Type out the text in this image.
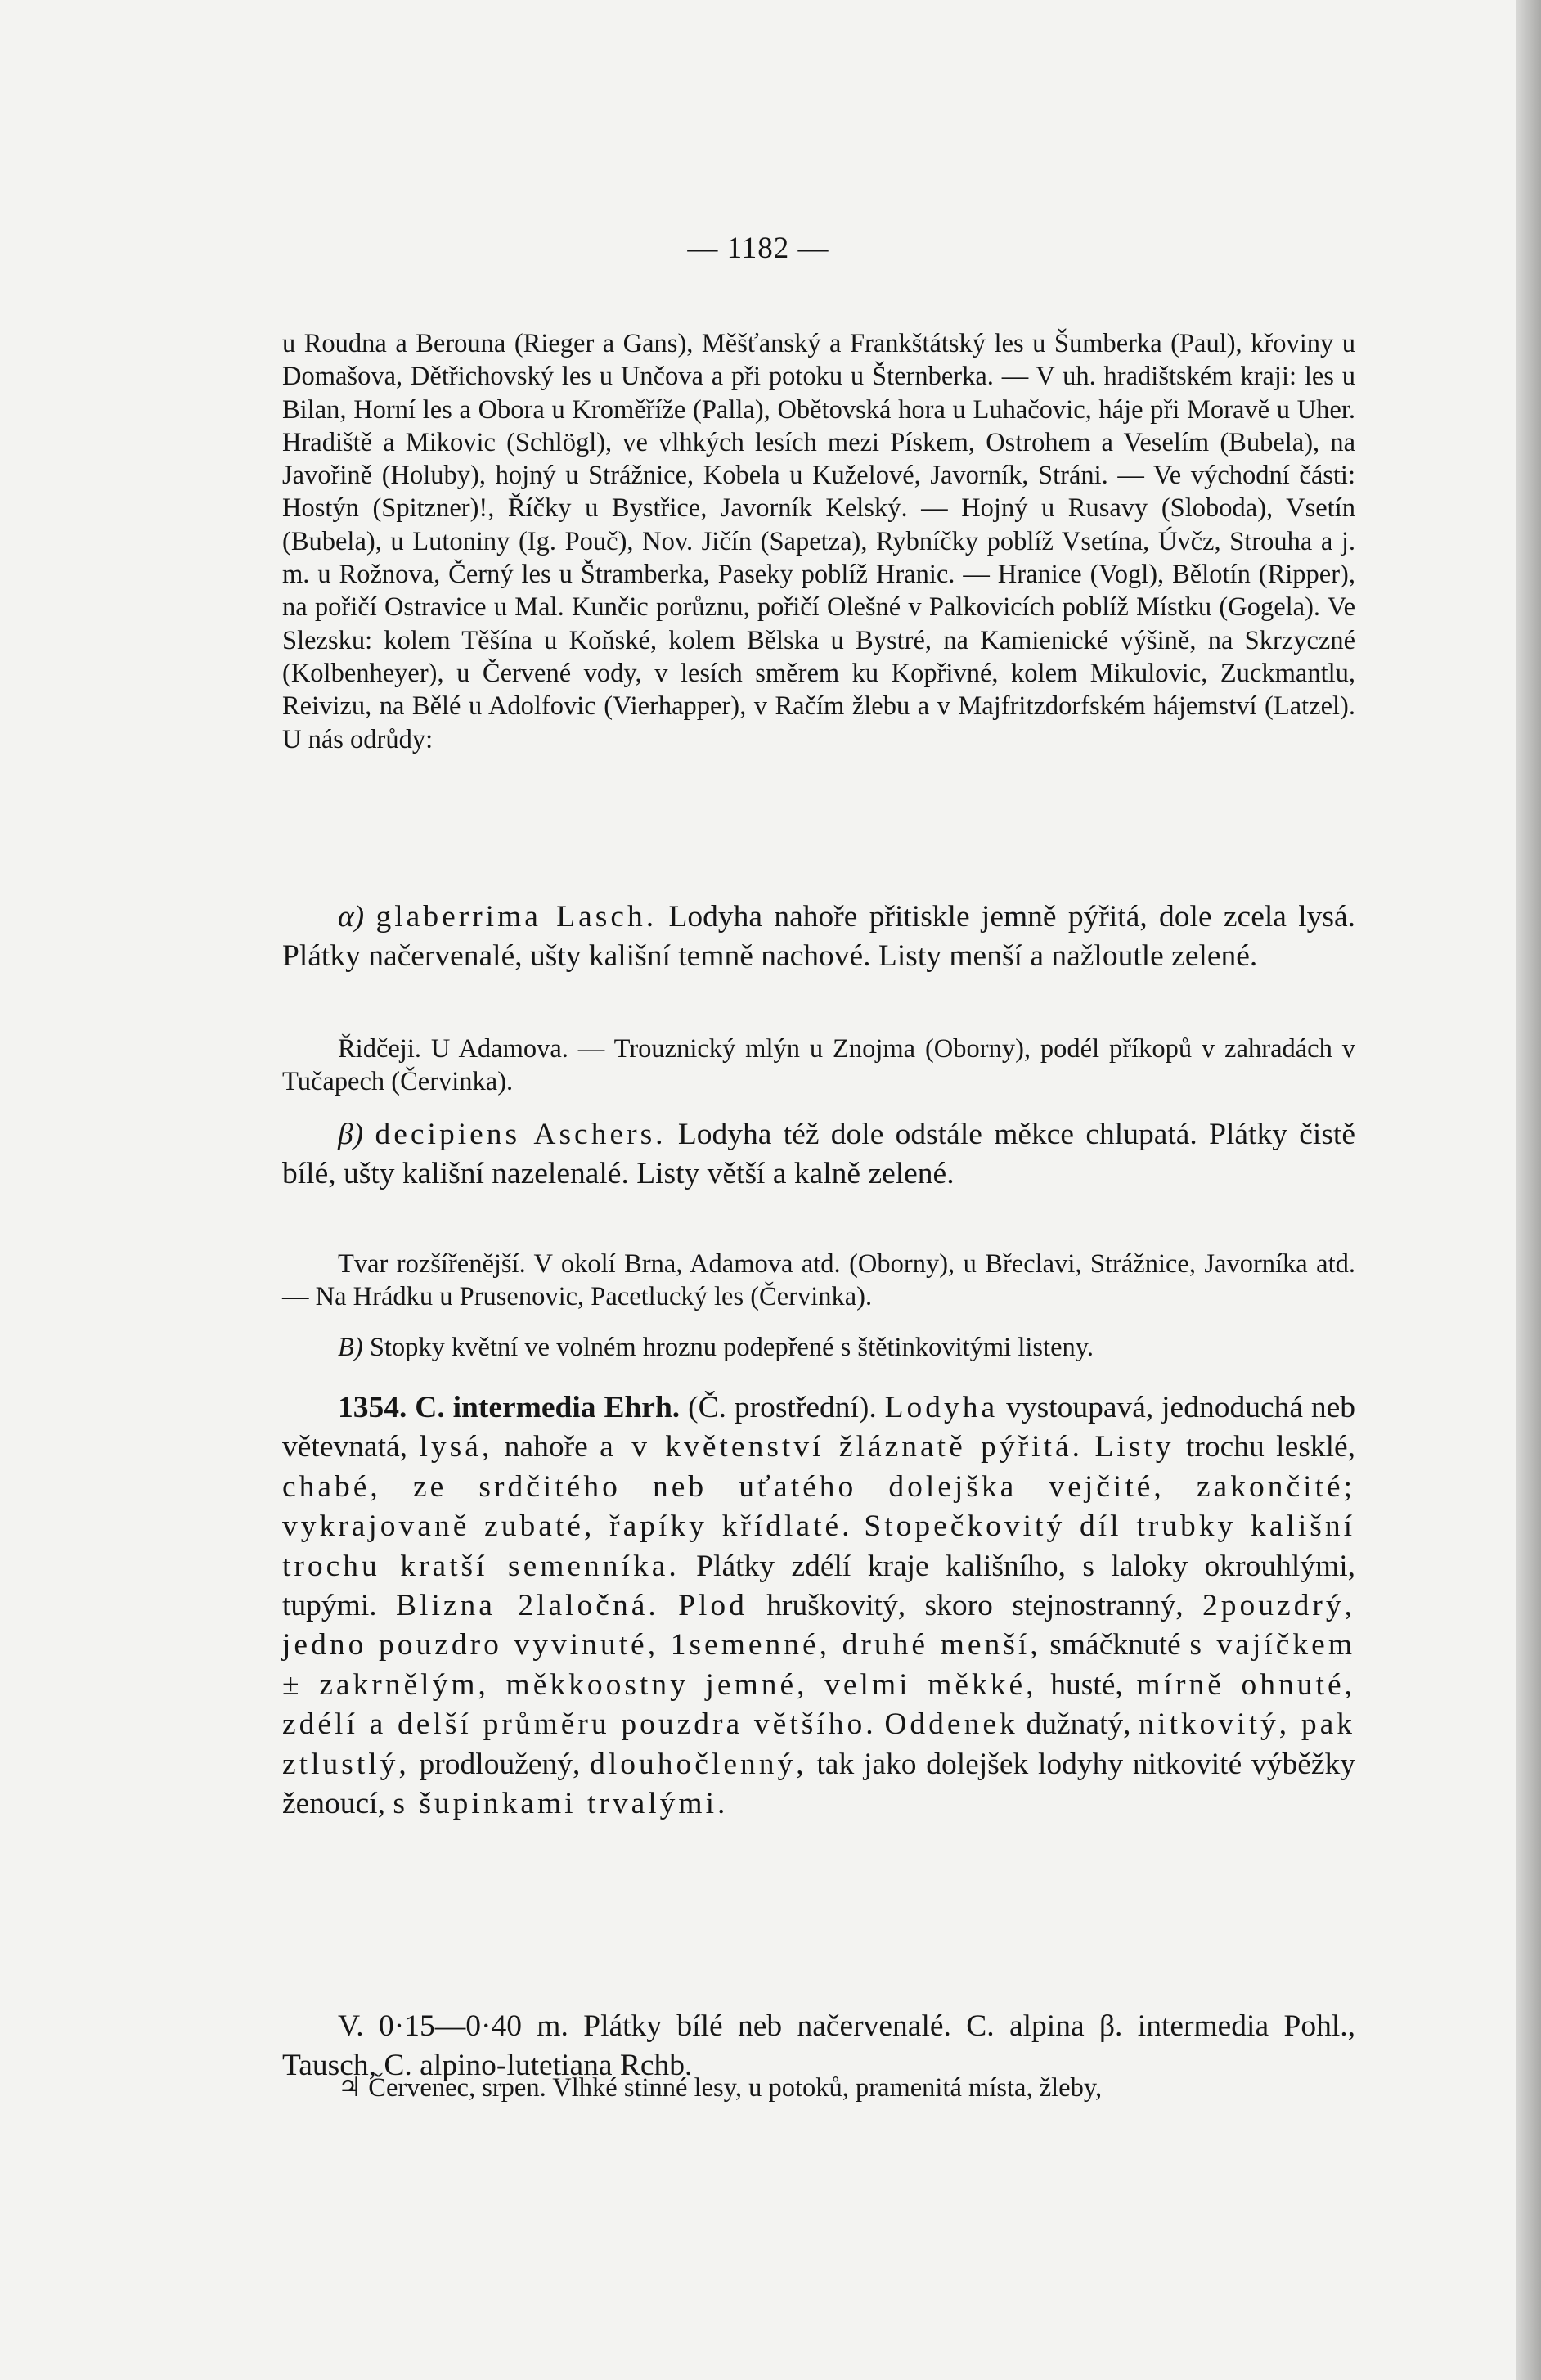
— 1182 —

u Roudna a Berouna (Rieger a Gans), Měšťanský a Frankštátský les u Šumberka (Paul), křoviny u Domašova, Dětřichovský les u Unčova a při potoku u Šternberka. — V uh. hradištském kraji: les u Bilan, Horní les a Obora u Kroměříže (Palla), Obětovská hora u Luhačovic, háje při Moravě u Uher. Hradiště a Mikovic (Schlögl), ve vlhkých lesích mezi Pískem, Ostrohem a Veselím (Bubela), na Javořině (Holuby), hojný u Strážnice, Kobela u Kuželové, Javorník, Stráni. — Ve východní části: Hostýn (Spitzner)!, Říčky u Bystřice, Javorník Kelský. — Hojný u Rusavy (Sloboda), Vsetín (Bubela), u Lutoniny (Ig. Pouč), Nov. Jičín (Sapetza), Rybníčky poblíž Vsetína, Úvčz, Strouha a j. m. u Rožnova, Černý les u Štramberka, Paseky poblíž Hranic. — Hranice (Vogl), Bělotín (Ripper), na pořičí Ostravice u Mal. Kunčic porůznu, pořičí Olešné v Palkovicích poblíž Místku (Gogela). Ve Slezsku: kolem Těšína u Koňské, kolem Bělska u Bystré, na Kamienické výšině, na Skrzyczné (Kolbenheyer), u Červené vody, v lesích směrem ku Kopřivné, kolem Mikulovic, Zuckmantlu, Reivizu, na Bělé u Adolfovic (Vierhapper), v Račím žlebu a v Majfritzdorfském hájemství (Latzel). U nás odrůdy:

α) glaberrima Lasch. Lodyha nahoře přitiskle jemně pýřitá, dole zcela lysá. Plátky načervenalé, ušty kališní temně nachové. Listy menší a nažloutle zelené.

Řidčeji. U Adamova. — Trouznický mlýn u Znojma (Oborny), podél příkopů v zahradách v Tučapech (Červinka).

β) decipiens Aschers. Lodyha též dole odstále měkce chlupatá. Plátky čistě bílé, ušty kališní nazelenalé. Listy větší a kalně zelené.

Tvar rozšířenější. V okolí Brna, Adamova atd. (Oborny), u Břeclavi, Strážnice, Javorníka atd. — Na Hrádku u Prusenovic, Pacetlucký les (Červinka).

B) Stopky květní ve volném hroznu podepřené s štětinkovitými listeny.

1354. C. intermedia Ehrh. (Č. prostřední). Lodyha vystoupavá, jednoduchá neb větevnatá, lysá, nahoře a v květenství žláznatě pýřitá. Listy trochu lesklé, chabé, ze srdčitého neb uťatého dolejška vejčité, zakončité; vykrajovaně zubaté, řapíky křídlaté. Stopečkovitý díl trubky kališní trochu kratší semenníka. Plátky zdélí kraje kališního, s laloky okrouhlými, tupými. Blizna 2laločná. Plod hruškovitý, skoro stejnostranný, 2pouzdrý, jedno pouzdro vyvinuté, 1semenné, druhé menší, smáčknuté s vajíčkem ± zakrnělým, měkkoostny jemné, velmi měkké, husté, mírně ohnuté, zdélí a delší průměru pouzdra většího. Oddenek dužnatý, nitkovitý, pak ztlustlý, prodloužený, dlouhočlenný, tak jako dolejšek lodyhy nitkovité výběžky ženoucí, s šupinkami trvalými.

V. 0·15—0·40 m. Plátky bílé neb načervenalé. C. alpina β. intermedia Pohl., Tausch, C. alpino-lutetiana Rchb.

♃ Červenec, srpen. Vlhké stinné lesy, u potoků, pramenitá místa, žleby,
